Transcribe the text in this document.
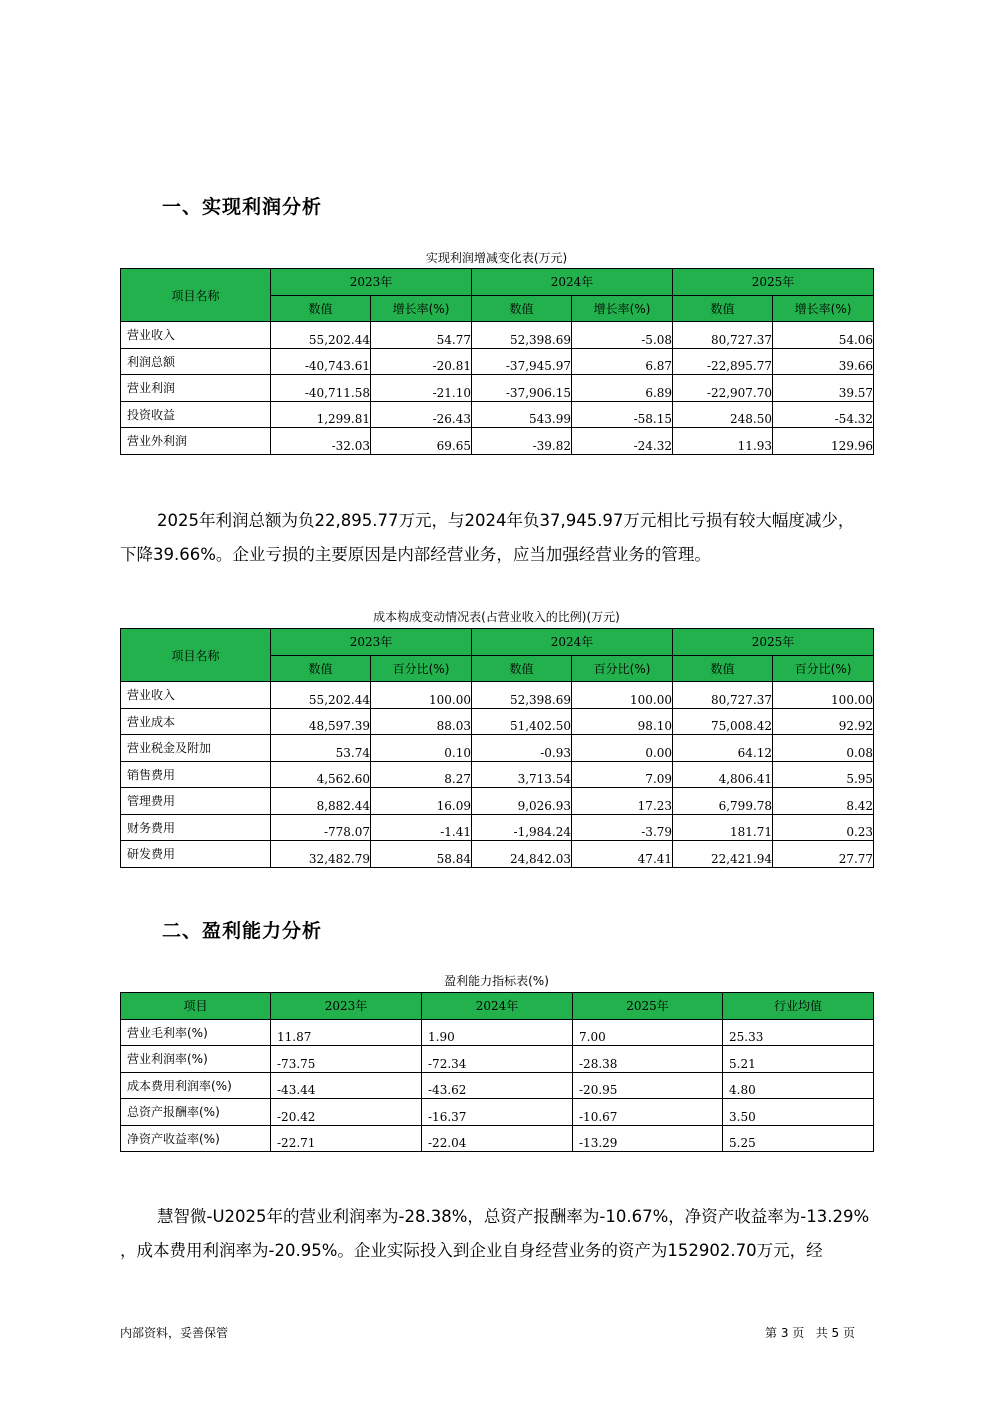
一、实现利润分析
实现利润增减变化表(万元)
项目名称	2023年		2024年		2025年	
	数值	增长率(%)	数值	增长率(%)	数值	增长率(%)
营业收入	55,202.44	54.77	52,398.69	-5.08	80,727.37	54.06
利润总额	-40,743.61	-20.81	-37,945.97	6.87	-22,895.77	39.66
营业利润	-40,711.58	-21.10	-37,906.15	6.89	-22,907.70	39.57
投资收益	1,299.81	-26.43	543.99	-58.15	248.50	-54.32
营业外利润	-32.03	69.65	-39.82	-24.32	11.93	129.96
2025年利润总额为负22,895.77万元，与2024年负37,945.97万元相比亏损有较大幅度减少，
下降39.66%。企业亏损的主要原因是内部经营业务，应当加强经营业务的管理。
成本构成变动情况表(占营业收入的比例)(万元)
项目名称	2023年		2024年		2025年	
	数值	百分比(%)	数值	百分比(%)	数值	百分比(%)
营业收入	55,202.44	100.00	52,398.69	100.00	80,727.37	100.00
营业成本	48,597.39	88.03	51,402.50	98.10	75,008.42	92.92
营业税金及附加	53.74	0.10	-0.93	0.00	64.12	0.08
销售费用	4,562.60	8.27	3,713.54	7.09	4,806.41	5.95
管理费用	8,882.44	16.09	9,026.93	17.23	6,799.78	8.42
财务费用	-778.07	-1.41	-1,984.24	-3.79	181.71	0.23
研发费用	32,482.79	58.84	24,842.03	47.41	22,421.94	27.77
二、盈利能力分析
盈利能力指标表(%)
项目	2023年	2024年	2025年	行业均值
营业毛利率(%)	11.87	1.90	7.00	25.33
营业利润率(%)	-73.75	-72.34	-28.38	5.21
成本费用利润率(%)	-43.44	-43.62	-20.95	4.80
总资产报酬率(%)	-20.42	-16.37	-10.67	3.50
净资产收益率(%)	-22.71	-22.04	-13.29	5.25
慧智微-U2025年的营业利润率为-28.38%，总资产报酬率为-10.67%，净资产收益率为-13.29%
，成本费用利润率为-20.95%。企业实际投入到企业自身经营业务的资产为152902.70万元，经
内部资料，妥善保管	第 3 页   共 5 页
